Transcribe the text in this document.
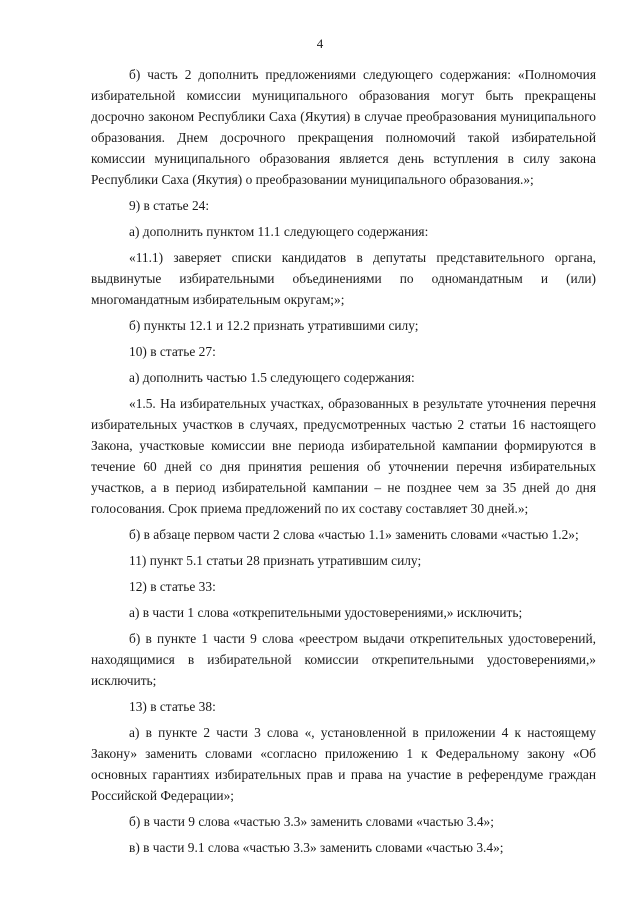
4

б) часть 2 дополнить предложениями следующего содержания: «Полномочия избирательной комиссии муниципального образования могут быть прекращены досрочно законом Республики Саха (Якутия) в случае преобразования муниципального образования. Днем досрочного прекращения полномочий такой избирательной комиссии муниципального образования является день вступления в силу закона Республики Саха (Якутия) о преобразовании муниципального образования.»;

9) в статье 24:

а) дополнить пунктом 11.1 следующего содержания:

«11.1) заверяет списки кандидатов в депутаты представительного органа, выдвинутые избирательными объединениями по одномандатным и (или) многомандатным избирательным округам;»;

б) пункты 12.1 и 12.2 признать утратившими силу;

10) в статье 27:

а) дополнить частью 1.5 следующего содержания:

«1.5. На избирательных участках, образованных в результате уточнения перечня избирательных участков в случаях, предусмотренных частью 2 статьи 16 настоящего Закона, участковые комиссии вне периода избирательной кампании формируются в течение 60 дней со дня принятия решения об уточнении перечня избирательных участков, а в период избирательной кампании – не позднее чем за 35 дней до дня голосования. Срок приема предложений по их составу составляет 30 дней.»;

б) в абзаце первом части 2 слова «частью 1.1» заменить словами «частью 1.2»;

11) пункт 5.1 статьи 28 признать утратившим силу;

12) в статье 33:

а) в части 1 слова «открепительными удостоверениями,» исключить;

б) в пункте 1 части 9 слова «реестром выдачи открепительных удостоверений, находящимися в избирательной комиссии открепительными удостоверениями,» исключить;

13) в статье 38:

а) в пункте 2 части 3 слова «, установленной в приложении 4 к настоящему Закону» заменить словами «согласно приложению 1 к Федеральному закону «Об основных гарантиях избирательных прав и права на участие в референдуме граждан Российской Федерации»;

б) в части 9 слова «частью 3.3» заменить словами «частью 3.4»;

в) в части 9.1 слова «частью 3.3» заменить словами «частью 3.4»;
